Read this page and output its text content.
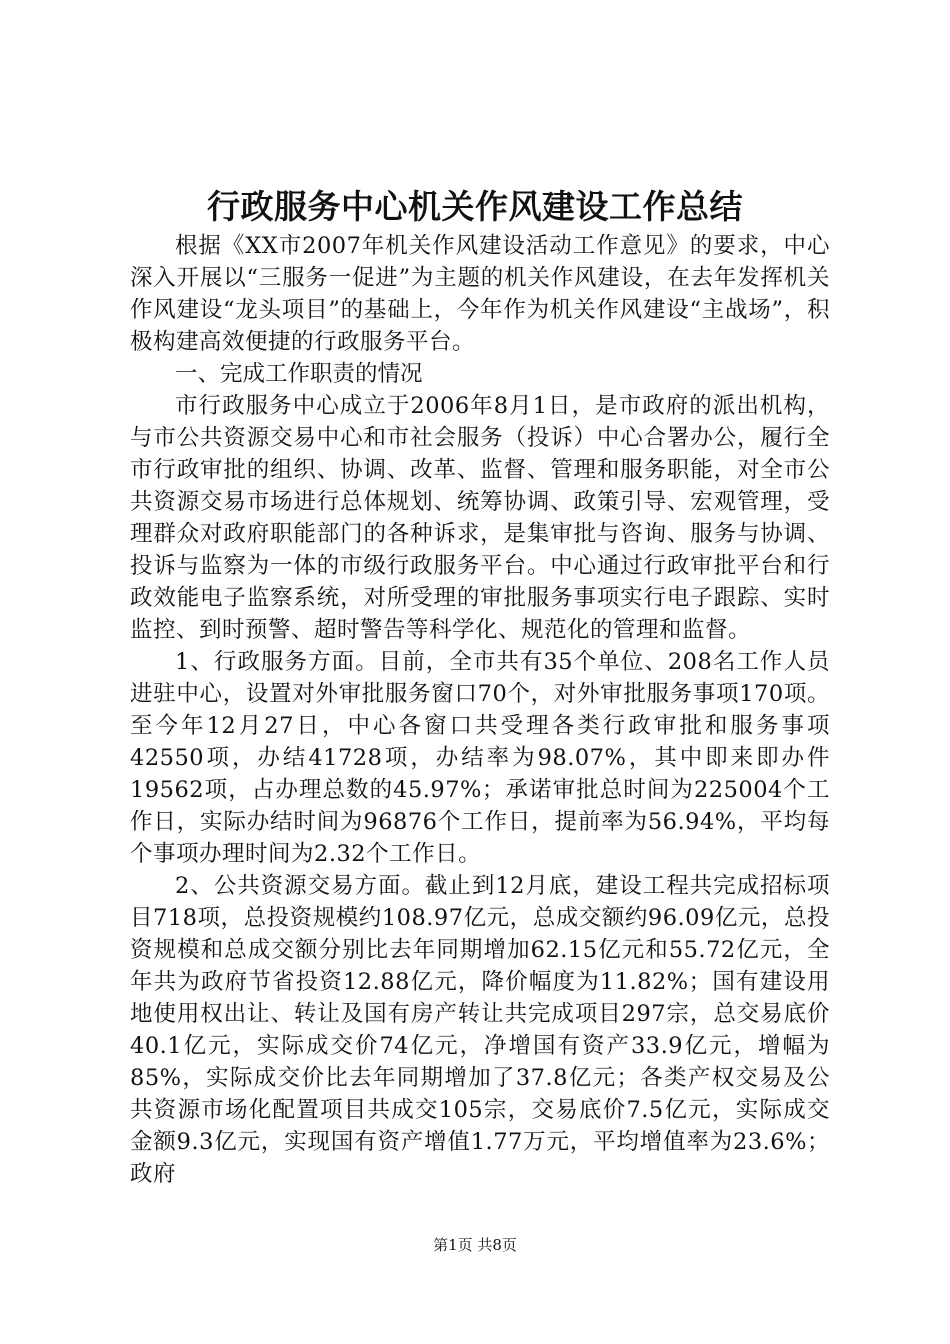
行政服务中心机关作风建设工作总结

根据《XX市2007年机关作风建设活动工作意见》的要求，中心深入开展以“三服务一促进”为主题的机关作风建设，在去年发挥机关作风建设“龙头项目”的基础上，今年作为机关作风建设“主战场”，积极构建高效便捷的行政服务平台。

一、完成工作职责的情况

市行政服务中心成立于2006年8月1日，是市政府的派出机构，与市公共资源交易中心和市社会服务（投诉）中心合署办公，履行全市行政审批的组织、协调、改革、监督、管理和服务职能，对全市公共资源交易市场进行总体规划、统筹协调、政策引导、宏观管理，受理群众对政府职能部门的各种诉求，是集审批与咨询、服务与协调、投诉与监察为一体的市级行政服务平台。中心通过行政审批平台和行政效能电子监察系统，对所受理的审批服务事项实行电子跟踪、实时监控、到时预警、超时警告等科学化、规范化的管理和监督。

1、行政服务方面。目前，全市共有35个单位、208名工作人员进驻中心，设置对外审批服务窗口70个，对外审批服务事项170项。至今年12月27日，中心各窗口共受理各类行政审批和服务事项42550项，办结41728项，办结率为98.07%，其中即来即办件19562项，占办理总数的45.97%；承诺审批总时间为225004个工作日，实际办结时间为96876个工作日，提前率为56.94%，平均每个事项办理时间为2.32个工作日。

2、公共资源交易方面。截止到12月底，建设工程共完成招标项目718项，总投资规模约108.97亿元，总成交额约96.09亿元，总投资规模和总成交额分别比去年同期增加62.15亿元和55.72亿元，全年共为政府节省投资12.88亿元，降价幅度为11.82%；国有建设用地使用权出让、转让及国有房产转让共完成项目297宗，总交易底价40.1亿元，实际成交价74亿元，净增国有资产33.9亿元，增幅为85%，实际成交价比去年同期增加了37.8亿元；各类产权交易及公共资源市场化配置项目共成交105宗，交易底价7.5亿元，实际成交金额9.3亿元，实现国有资产增值1.77万元，平均增值率为23.6%；政府

第1页 共8页
